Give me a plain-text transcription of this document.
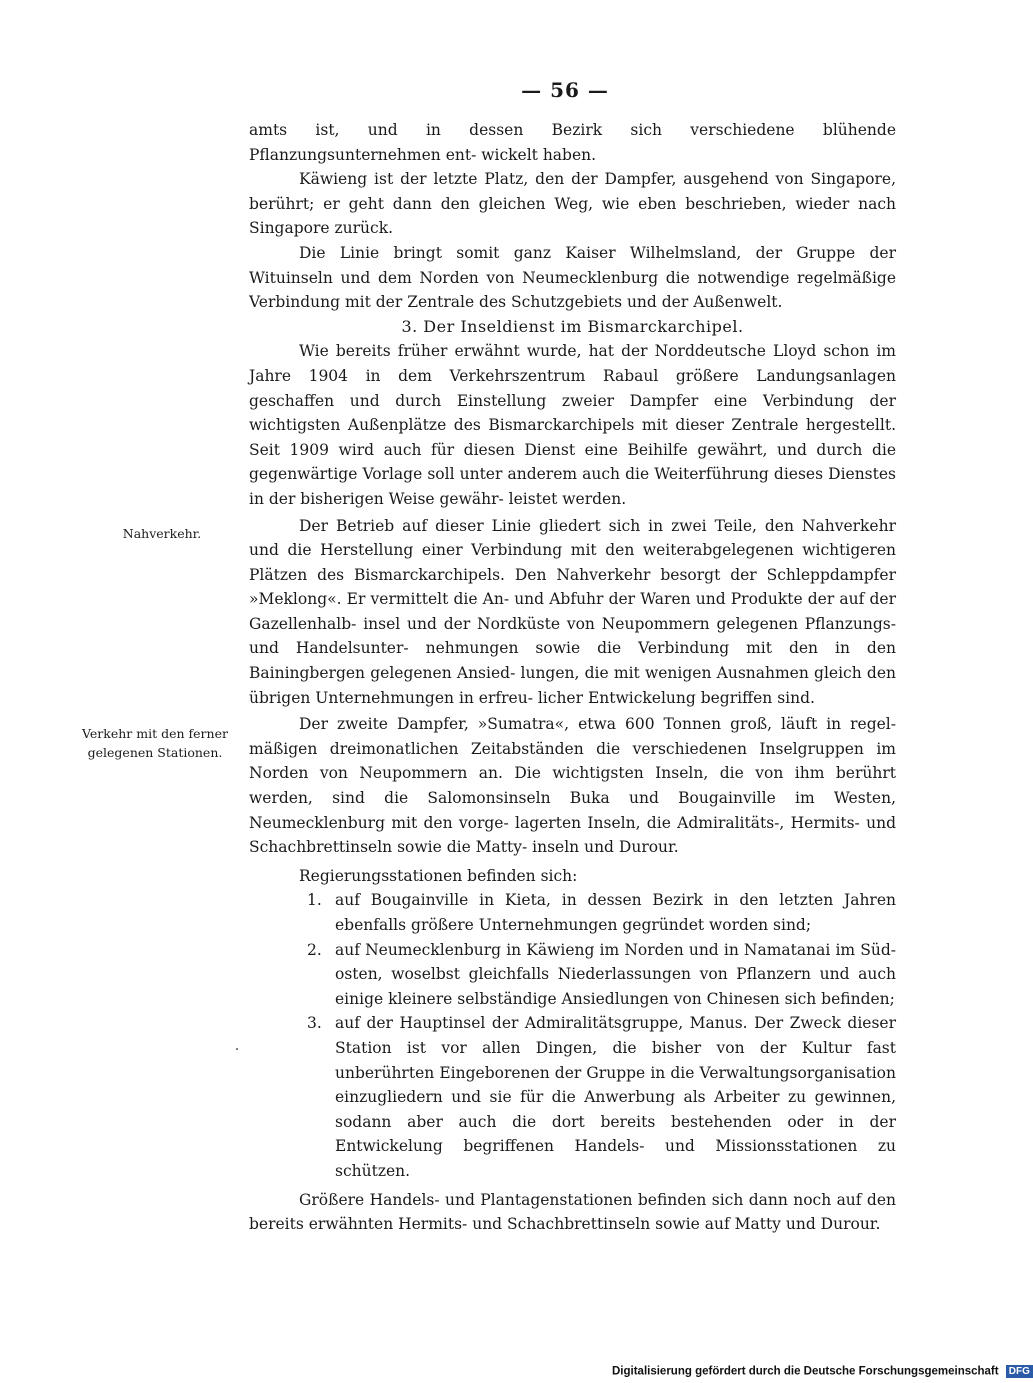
— 56 —
Nahverkehr.
Verkehr mit den ferner
gelegenen Stationen.

amts ist, und in dessen Bezirk sich verschiedene blühende Pflanzungsunternehmen ent- wickelt haben.

Käwieng ist der letzte Platz, den der Dampfer, ausgehend von Singapore, berührt; er geht dann den gleichen Weg, wie eben beschrieben, wieder nach Singapore zurück.

Die Linie bringt somit ganz Kaiser Wilhelmsland, der Gruppe der Wituinseln und dem Norden von Neumecklenburg die notwendige regelmäßige Verbindung mit der Zentrale des Schutzgebiets und der Außenwelt.

3. Der Inseldienst im Bismarckarchipel.

Wie bereits früher erwähnt wurde, hat der Norddeutsche Lloyd schon im Jahre 1904 in dem Verkehrszentrum Rabaul größere Landungsanlagen geschaffen und durch Einstellung zweier Dampfer eine Verbindung der wichtigsten Außenplätze des Bismarckarchipels mit dieser Zentrale hergestellt. Seit 1909 wird auch für diesen Dienst eine Beihilfe gewährt, und durch die gegenwärtige Vorlage soll unter anderem auch die Weiterführung dieses Dienstes in der bisherigen Weise gewähr- leistet werden.

Der Betrieb auf dieser Linie gliedert sich in zwei Teile, den Nahverkehr und die Herstellung einer Verbindung mit den weiterabgelegenen wichtigeren Plätzen des Bismarckarchipels. Den Nahverkehr besorgt der Schleppdampfer »Meklong«. Er vermittelt die An- und Abfuhr der Waren und Produkte der auf der Gazellenhalb- insel und der Nordküste von Neupommern gelegenen Pflanzungs- und Handelsunter- nehmungen sowie die Verbindung mit den in den Bainingbergen gelegenen Ansied- lungen, die mit wenigen Ausnahmen gleich den übrigen Unternehmungen in erfreu- licher Entwickelung begriffen sind.

Der zweite Dampfer, »Sumatra«, etwa 600 Tonnen groß, läuft in regel- mäßigen dreimonatlichen Zeitabständen die verschiedenen Inselgruppen im Norden von Neupommern an. Die wichtigsten Inseln, die von ihm berührt werden, sind die Salomonsinseln Buka und Bougainville im Westen, Neumecklenburg mit den vorge- lagerten Inseln, die Admiralitäts-, Hermits- und Schachbrettinseln sowie die Matty- inseln und Durour.

Regierungsstationen befinden sich:

1. auf Bougainville in Kieta, in dessen Bezirk in den letzten Jahren ebenfalls größere Unternehmungen gegründet worden sind;
2. auf Neumecklenburg in Käwieng im Norden und in Namatanai im Süd- osten, woselbst gleichfalls Niederlassungen von Pflanzern und auch einige kleinere selbständige Ansiedlungen von Chinesen sich befinden;
3. auf der Hauptinsel der Admiralitätsgruppe, Manus. Der Zweck dieser Station ist vor allen Dingen, die bisher von der Kultur fast unberührten Eingeborenen der Gruppe in die Verwaltungsorganisation einzugliedern und sie für die Anwerbung als Arbeiter zu gewinnen, sodann aber auch die dort bereits bestehenden oder in der Entwickelung begriffenen Handels- und Missionsstationen zu schützen.

Größere Handels- und Plantagenstationen befinden sich dann noch auf den bereits erwähnten Hermits- und Schachbrettinseln sowie auf Matty und Durour.

Digitalisierung gefördert durch die Deutsche Forschungsgemeinschaft DFG
